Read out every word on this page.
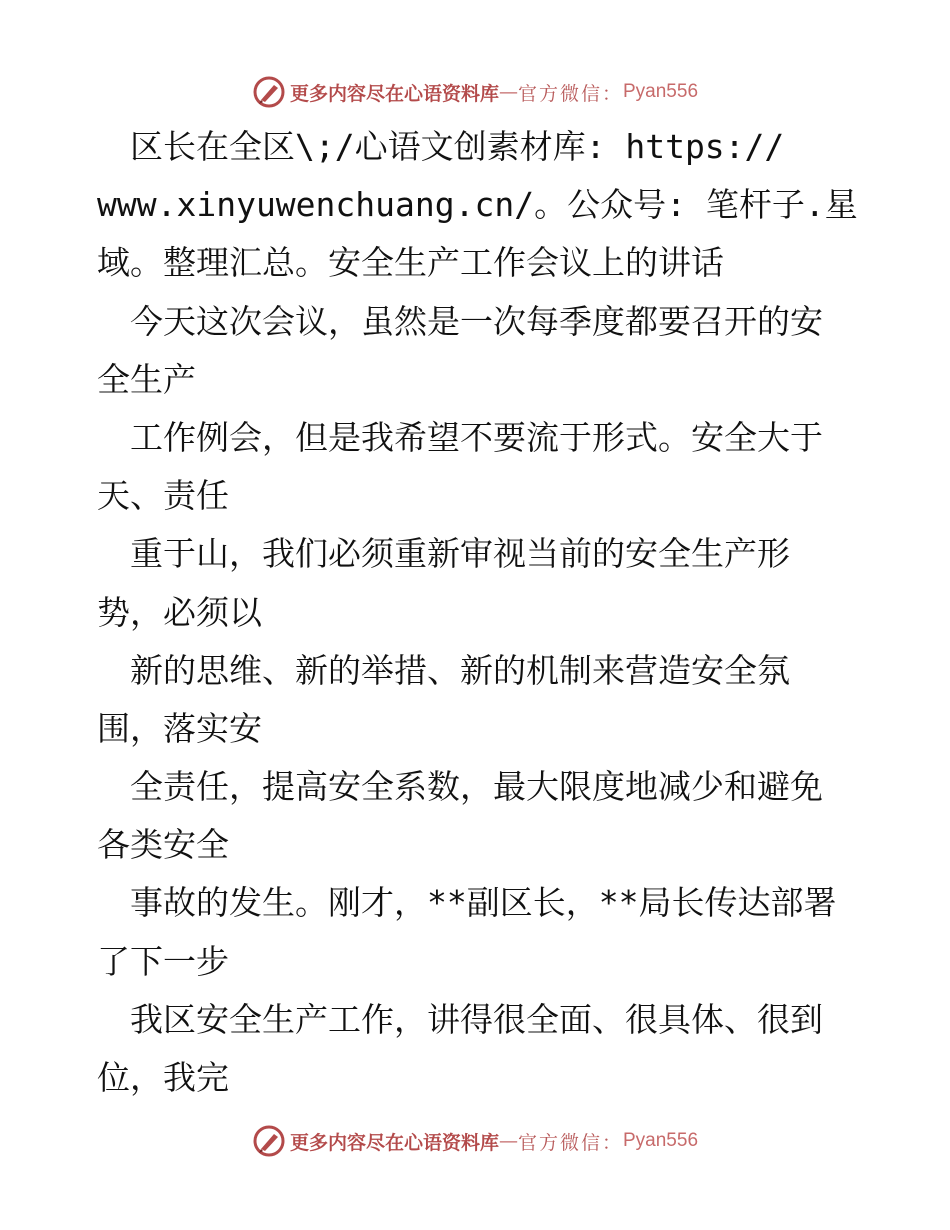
更多内容尽在心语资料库 — 官方微信： Pyan556
　区长在全区\;/心语文创素材库: https://
www.xinyuwenchuang.cn/。公众号: 笔杆子.星
域。整理汇总。安全生产工作会议上的讲话
　今天这次会议，虽然是一次每季度都要召开的安
全生产
　工作例会，但是我希望不要流于形式。安全大于
天、责任
　重于山，我们必须重新审视当前的安全生产形
势，必须以
　新的思维、新的举措、新的机制来营造安全氛
围，落实安
　全责任，提高安全系数，最大限度地减少和避免
各类安全
　事故的发生。刚才，**副区长，**局长传达部署
了下一步
　我区安全生产工作，讲得很全面、很具体、很到
位，我完
更多内容尽在心语资料库 — 官方微信： Pyan556
